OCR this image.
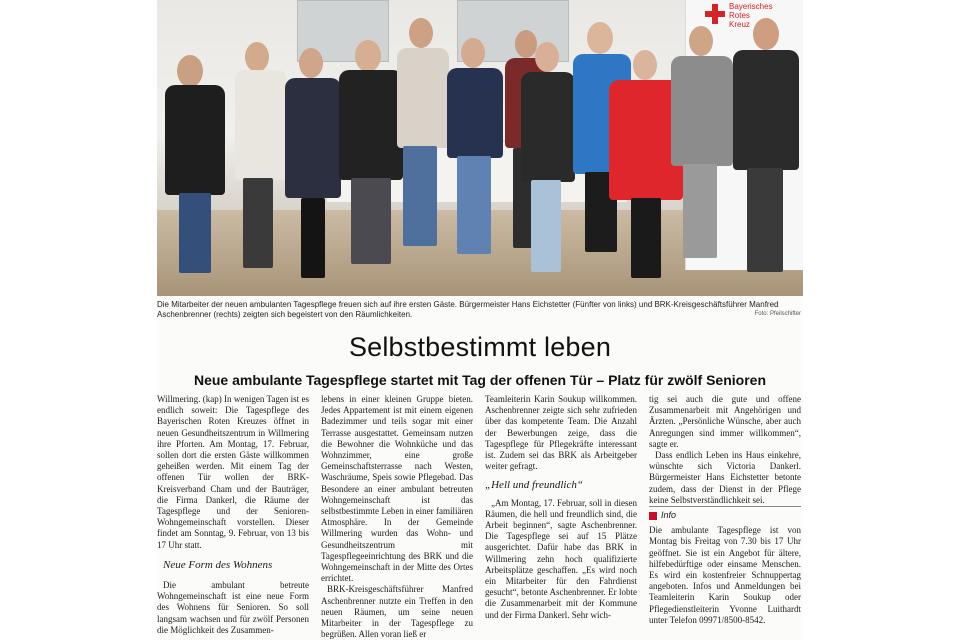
Bayerisches
Rotes
Kreuz
Die Mitarbeiter der neuen ambulanten Tagespflege freuen sich auf ihre ersten Gäste. Bürgermeister Hans Eichstetter (Fünfter von links) und BRK-Kreisgeschäftsführer Manfred Aschenbrenner (rechts) zeigten sich begeistert von den Räumlichkeiten.	Foto: Pfeilschifter
Selbstbestimmt leben
Neue ambulante Tagespflege startet mit Tag der offenen Tür – Platz für zwölf Senioren

Willmering. (kap) In wenigen Tagen ist es endlich soweit: Die Tagespflege des Bayerischen Roten Kreuzes öffnet in neuen Gesundheitszentrum in Willmering ihre Pforten. Am Montag, 17. Februar, sollen dort die ersten Gäste willkommen geheißen werden. Mit einem Tag der offenen Tür wollen der BRK-Kreisverband Cham und der Bauträger, die Firma Dankerl, die Räume der Tagespflege und der Senioren-Wohngemeinschaft vorstellen. Dieser findet am Sonntag, 9. Februar, von 13 bis 17 Uhr statt.

Neue Form des Wohnens

Die ambulant betreute Wohngemeinschaft ist eine neue Form des Wohnens für Senioren. So soll langsam wachsen und für zwölf Personen die Möglichkeit des Zusammen-

lebens in einer kleinen Gruppe bieten. Jedes Appartement ist mit einem eigenen Badezimmer und teils sogar mit einer Terrasse ausgestattet. Gemeinsam nutzen die Bewohner die Wohnküche und das Wohnzimmer, eine große Gemeinschaftsterrasse nach Westen, Waschräume, Speis sowie Pflegebad. Das Besondere an einer ambulant betreuten Wohngemeinschaft ist das selbstbestimmte Leben in einer familiären Atmosphäre. In der Gemeinde Willmering wurden das Wohn- und Gesundheitszentrum mit Tagespflegeeinrichtung des BRK und die Wohngemeinschaft in der Mitte des Ortes errichtet.

BRK-Kreisgeschäftsführer Manfred Aschenbrenner nutzte ein Treffen in den neuen Räumen, um seine neuen Mitarbeiter in der Tagespflege zu begrüßen. Allen voran ließ er

Teamleiterin Karin Soukup willkommen. Aschenbrenner zeigte sich sehr zufrieden über das kompetente Team. Die Anzahl der Bewerbungen zeige, dass die Tagespflege für Pflegekräfte interessant ist. Zudem sei das BRK als Arbeitgeber weiter gefragt.

„Hell und freundlich“

„Am Montag, 17. Februar, soll in diesen Räumen, die hell und freundlich sind, die Arbeit beginnen“, sagte Aschenbrenner. Die Tagespflege sei auf 15 Plätze ausgerichtet. Dafür habe das BRK in Willmering zehn hoch qualifizierte Arbeitsplätze geschaffen. „Es wird noch ein Mitarbeiter für den Fahrdienst gesucht“, betonte Aschenbrenner. Er lobte die Zusammenarbeit mit der Kommune und der Firma Dankerl. Sehr wich-

tig sei auch die gute und offene Zusammenarbeit mit Angehörigen und Ärzten. „Persönliche Wünsche, aber auch Anregungen sind immer willkommen“, sagte er.

Dass endlich Leben ins Haus einkehre, wünschte sich Victoria Dankerl. Bürgermeister Hans Eichstetter betonte zudem, dass der Dienst in der Pflege keine Selbstverständlichkeit sei.

Info

Die ambulante Tagespflege ist von Montag bis Freitag von 7.30 bis 17 Uhr geöffnet. Sie ist ein Angebot für ältere, hilfebedürftige oder einsame Menschen. Es wird ein kostenfreier Schnuppertag angeboten. Infos und Anmeldungen bei Teamleiterin Karin Soukup oder Pflegedienstleiterin Yvonne Luithardt unter Telefon 09971/8500-8542.
